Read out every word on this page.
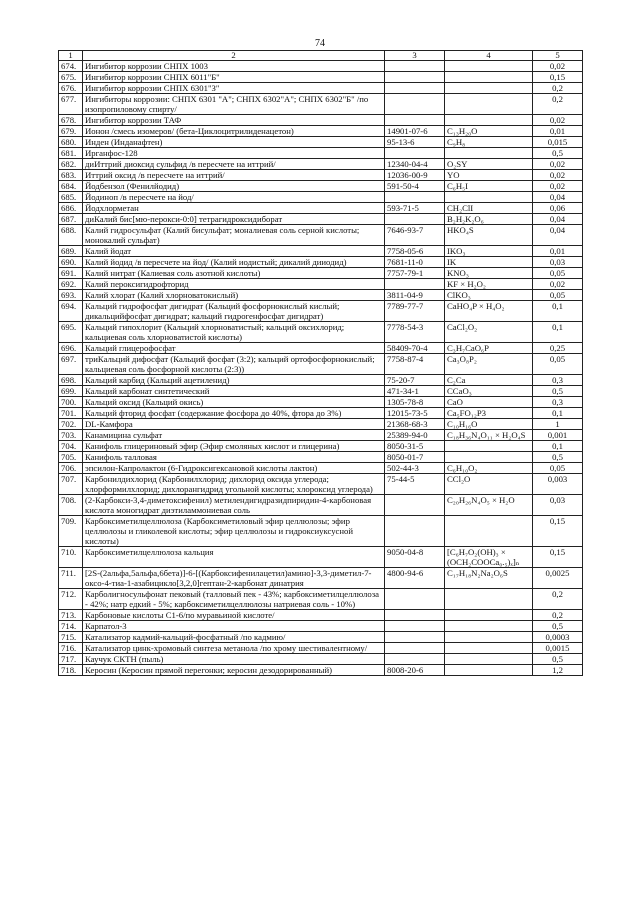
74
1	2	3	4	5
674.	Ингибитор коррозии СНПХ 1003			0,02
675.	Ингибитор коррозии СНПХ 6011"Б"			0,15
676.	Ингибитор коррозии СНПХ 6301"З"			0,2
677.	Ингибиторы коррозии: СНПХ 6301 "А"; СНПХ 6302"А"; СНПХ 6302"Б" /по изопропиловому спирту/			0,2
678.	Ингибитор коррозии ТАФ			0,02
679.	Ионон /смесь изомеров/ (бета-Циклоцитрилиденацетон)	14901-07-6	C₁₃H₂₀O	0,01
680.	Инден (Инданафтен)	95-13-6	C₉H₈	0,015
681.	Ирганфос-128			0,5
682.	диИттрий диоксид сульфид /в пересчете на иттрий/	12340-04-4	O₂SY	0,02
683.	Иттрий оксид /в пересчете на иттрий/	12036-00-9	YO	0,02
684.	Йодбензол (Фенилйодид)	591-50-4	C₆H₅I	0,02
685.	Йодиноп /в пересчете на йод/			0,04
686.	Йодхлорметан	593-71-5	CH₂ClI	0,06
687.	диКалий бис[мю-перокси-0:0] тетрагидроксидиборат		B₂H₂K₂O₆	0,04
688.	Калий гидросульфат (Калий бисульфат; моналиевая соль серной кислоты; монокалий сульфат)	7646-93-7	HKO₄S	0,04
689.	Калий йодат	7758-05-6	IKO₃	0,01
690.	Калий йодид /в пересчете на йод/ (Калий иодистый; дикалий дииодид)	7681-11-0	IK	0,03
691.	Калий нитрат (Калиевая соль азотной кислоты)	7757-79-1	KNO₃	0,05
692.	Калий пероксигидрофторид		KF × H₂O₂	0,02
693.	Калий хлорат (Калий хлорноватокислый)	3811-04-9	ClKO₃	0,05
694.	Кальций гидрофосфат дигидрат (Кальций фосфорнокислый кислый; дикальцийфосфат дигидрат; кальций гидрогенфосфат дигидрат)	7789-77-7	CaHO₄P × H₄O₂	0,1
695.	Кальций гипохлорит (Кальций хлорноватистый; кальций оксихлорид; кальциевая соль хлорноватистой кислоты)	7778-54-3	CaCl₂O₂	0,1
696.	Кальций глицерофосфат	58409-70-4	C₃H₇CaO₆P	0,25
697.	триКальций дифосфат (Кальций фосфат (3:2); кальций ортофосфорнокислый; кальциевая соль фосфорной кислоты (2:3))	7758-87-4	Ca₃O₈P₂	0,05
698.	Кальций карбид (Кальций ацетиленид)	75-20-7	C₂Ca	0,3
699.	Кальций карбонат синтетический	471-34-1	CCaO₃	0,5
700.	Кальций оксид (Кальций окись)	1305-78-8	CaO	0,3
701.	Кальций фторид фосфат (содержание фосфора до 40%, фтора до 3%)	12015-73-5	Ca₅FO₁₂P3	0,1
702.	DL-Камфора	21368-68-3	C₁₀H₁₆O	1
703.	Канамицина сульфат	25389-94-0	C₁₈H₃₆N₄O₁₁ × H₂O₄S	0,001
704.	Канифоль глицериновый эфир (Эфир смоляных кислот и глицерина)	8050-31-5		0,1
705.	Канифоль талловая	8050-01-7		0,5
706.	эпсилон-Капролактон (6-Гидроксигексановой кислоты лактон)	502-44-3	C₆H₁₀O₂	0,05
707.	Карбонилдихлорид (Карбонилхлорид; дихлорид оксида углерода; хлорформилхлорид; дихлорангидрид угольной кислоты; хлороксид углерода)	75-44-5	CCl₂O	0,003
708.	(2-Карбокси-3,4-диметоксифенил) метилендигидразидпиридин-4-карбоновая кислота моногидрат диэтиламмониевая соль		C₂₀H₂₆N₄O₅ × H₂O	0,03
709.	Карбоксиметилцеллюлоза (Карбоксиметиловый эфир целлюлозы; эфир целлюлозы и гликолевой кислоты; эфир целлюлозы и гидроксиуксусной кислоты)			0,15
710.	Карбоксиметилцеллюлоза кальция	9050-04-8	[C₆H₇O₂(OH)₃ × (OCH₂COOCa₀.₅)ₓ]ₙ	0,15
711.	[2S-(2альфа,5альфа,6бета)]-6-[(Карбоксифенилацетил)амино]-3,3-диметил-7-оксо-4-тиа-1-азабицикло[3,2,0]гептан-2-карбонат динатрия	4800-94-6	C₁₇H₁₈N₂Na₂O₆S	0,0025
712.	Карболигносульфонат пековый (талловый пек - 43%; карбоксиметилцеллюлоза - 42%; натр едкий - 5%; карбоксиметилцеллюлозы натриевая соль - 10%)			0,2
713.	Карбоновые кислоты С1-6/по муравьиной кислоте/			0,2
714.	Карпатол-3			0,5
715.	Катализатор кадмий-кальций-фосфатный /по кадмию/			0,0003
716.	Катализатор цинк-хромовый синтеза метанола /по хрому шестивалентному/			0,0015
717.	Каучук СКТН (пыль)			0,5
718.	Керосин (Керосин прямой перегонки; керосин дезодорированный)	8008-20-6		1,2
